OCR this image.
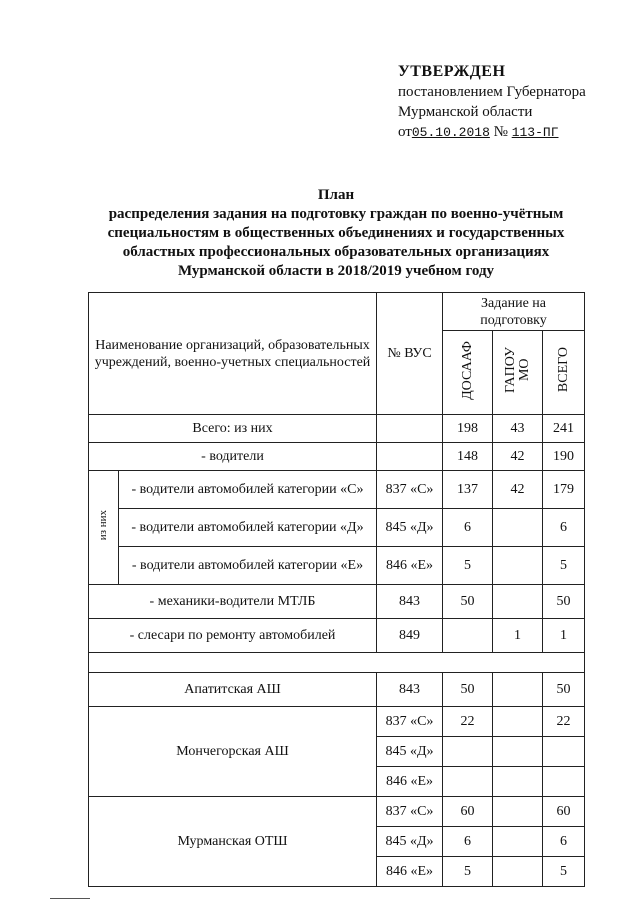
УТВЕРЖДЕН
постановлением Губернатора
Мурманской области
от05.10.2018 № 113-ПГ
План
распределения задания на подготовку граждан по военно-учётным
специальностям в общественных объединениях и государственных
областных профессиональных образовательных организациях
Мурманской области в 2018/2019 учебном году
Наименование организаций, образовательных учреждений, военно-учетных специальностей		№ ВУС	Задание на подготовку		
			ДОСААФ	ГАПОУ
МО	ВСЕГО
Всего: из них			198	43	241
- водители			148	42	190
из них	- водители автомобилей категории «С»	837 «С»	137	42	179
	- водители автомобилей категории «Д»	845 «Д»	6		6
	- водители автомобилей категории «Е»	846 «Е»	5		5
- механики-водители МТЛБ		843	50		50
- слесари по ремонту автомобилей		849		1	1

Апатитская АШ		843	50		50
Мончегорская АШ		837 «С»	22		22
		845 «Д»			
		846 «Е»			
Мурманская ОТШ		837 «С»	60		60
		845 «Д»	6		6
		846 «Е»	5		5
